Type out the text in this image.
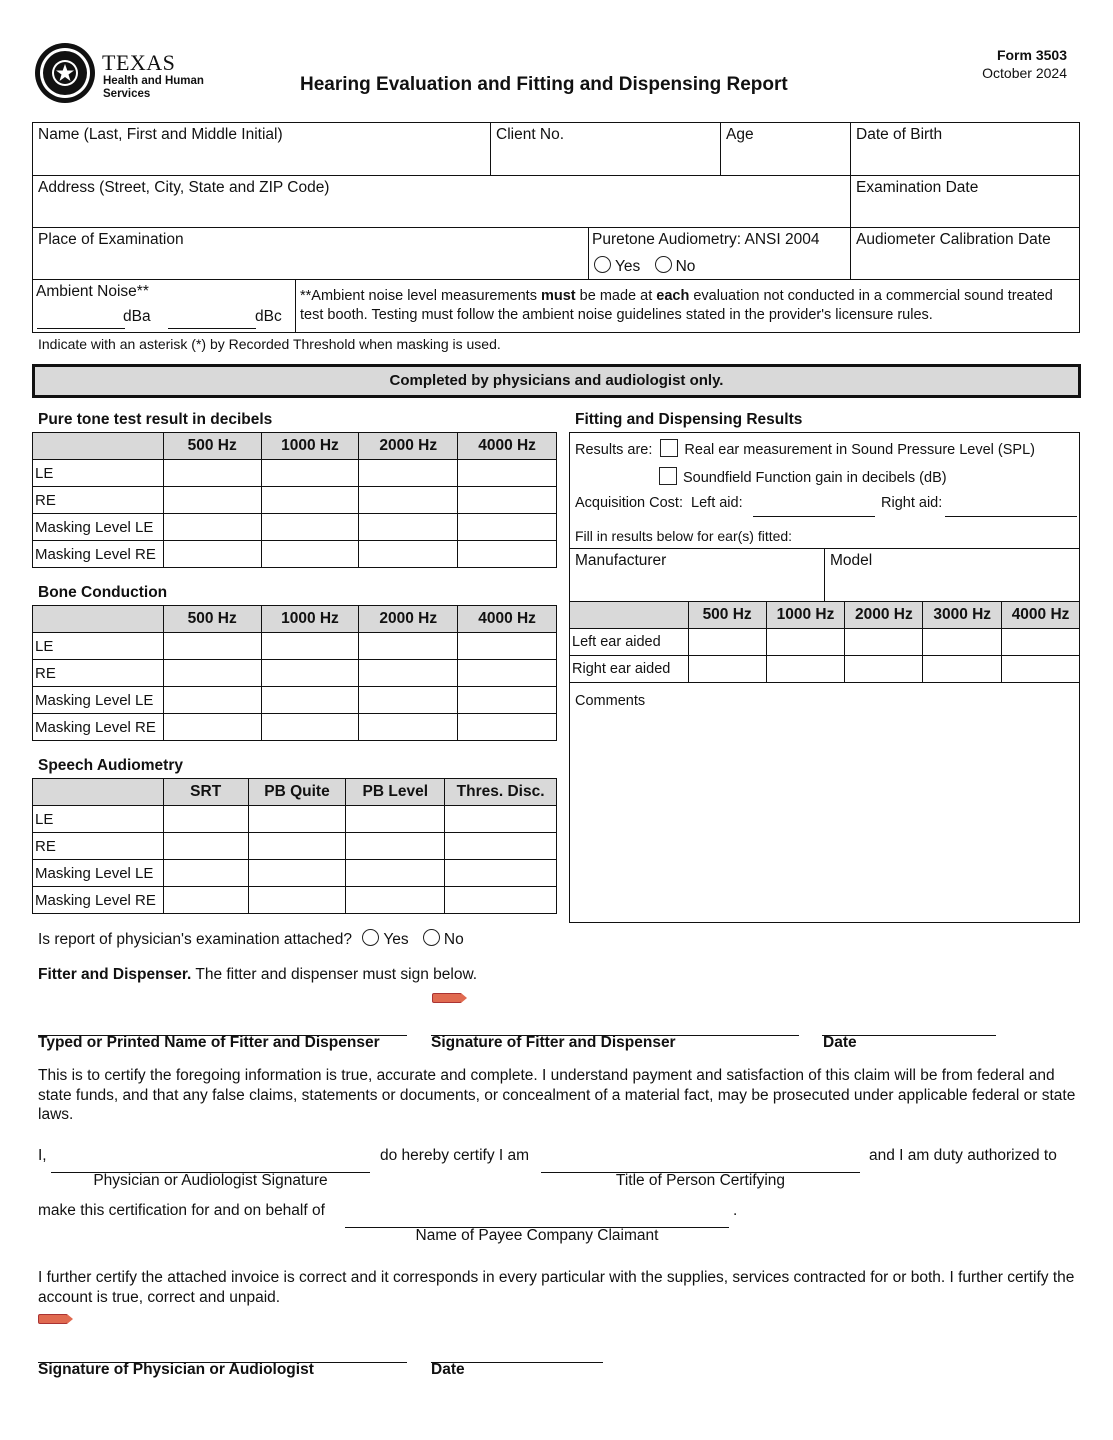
TEXAS
Health and Human
Services	Hearing Evaluation and Fitting and Dispensing Report
Form 3503
October 2024
Name (Last, First and Middle Initial)	Client No.	Age	Date of Birth
Address (Street, City, State and ZIP Code)	Examination Date
Place of Examination	Puretone Audiometry: ANSI 2004
Yes No
Audiometer Calibration Date
Ambient Noise**
dBa	dBc
**Ambient noise level measurements must be made at each evaluation not conducted in a commercial sound treated test booth. Testing must follow the ambient noise guidelines stated in the provider's licensure rules.
Indicate with an asterisk (*) by Recorded Threshold when masking is used.
Completed by physicians and audiologist only.
Pure tone test result in decibels
	500 Hz	1000 Hz	2000 Hz	4000 Hz
LE				
RE				
Masking Level LE				
Masking Level RE				
Bone Conduction
	500 Hz	1000 Hz	2000 Hz	4000 Hz
LE				
RE				
Masking Level LE				
Masking Level RE				
Speech Audiometry
	SRT	PB Quite	PB Level	Thres. Disc.
LE				
RE				
Masking Level LE				
Masking Level RE				
Fitting and Dispensing Results
Results are: Real ear measurement in Sound Pressure Level (SPL)
Soundfield Function gain in decibels (dB)
Acquisition Cost: Left aid:	Right aid:
Fill in results below for ear(s) fitted:
Manufacturer	Model
	500 Hz	1000 Hz	2000 Hz	3000 Hz	4000 Hz
Left ear aided					
Right ear aided					
Comments
Is report of physician's examination attached? Yes No
Fitter and Dispenser. The fitter and dispenser must sign below.
Typed or Printed Name of Fitter and Dispenser	Signature of Fitter and Dispenser	Date
This is to certify the foregoing information is true, accurate and complete. I understand payment and satisfaction of this claim will be from federal and state funds, and that any false claims, statements or documents, or concealment of a material fact, may be prosecuted under applicable federal or state laws.
I,	do hereby certify I am	and I am duty authorized to
Physician or Audiologist Signature	Title of Person Certifying
make this certification for and on behalf of	.
Name of Payee Company Claimant
I further certify the attached invoice is correct and it corresponds in every particular with the supplies, services contracted for or both. I further certify the account is true, correct and unpaid.
Signature of Physician or Audiologist	Date
